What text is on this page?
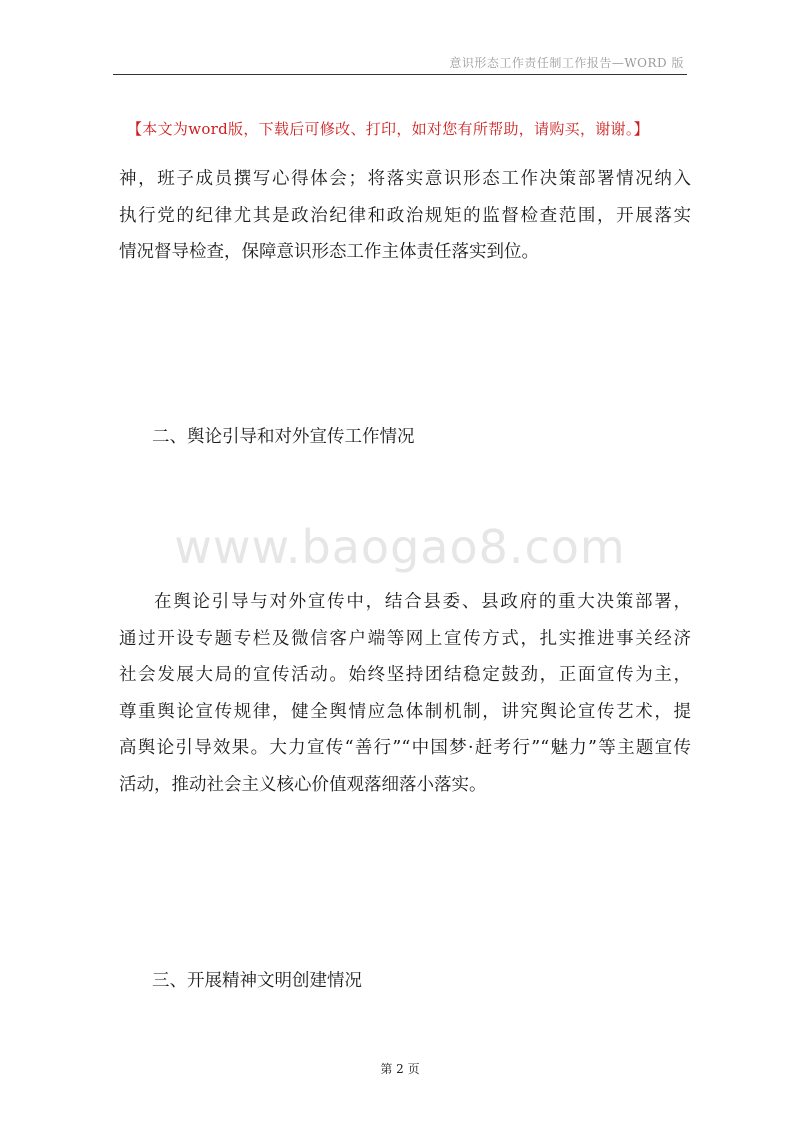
意识形态工作责任制工作报告—WORD 版
【本文为word版，下载后可修改、打印，如对您有所帮助，请购买，谢谢。】
神，班子成员撰写心得体会；将落实意识形态工作决策部署情况纳入
执行党的纪律尤其是政治纪律和政治规矩的监督检查范围，开展落实
情况督导检查，保障意识形态工作主体责任落实到位。
二、舆论引导和对外宣传工作情况
www.baogao8.com
在舆论引导与对外宣传中，结合县委、县政府的重大决策部署，
通过开设专题专栏及微信客户端等网上宣传方式，扎实推进事关经济
社会发展大局的宣传活动。始终坚持团结稳定鼓劲，正面宣传为主，
尊重舆论宣传规律，健全舆情应急体制机制，讲究舆论宣传艺术，提
高舆论引导效果。大力宣传“善行”“中国梦·赶考行”“魅力”等主题宣传
活动，推动社会主义核心价值观落细落小落实。
三、开展精神文明创建情况
第 2 页
